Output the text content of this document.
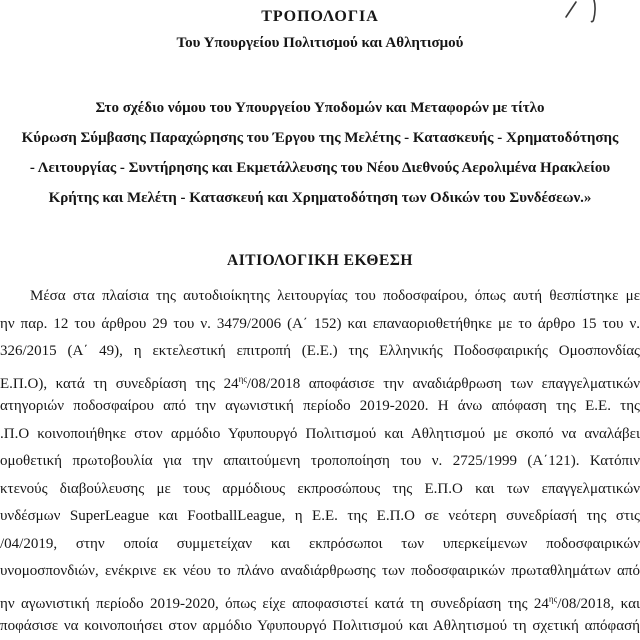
ΤΡΟΠΟΛΟΓΙΑ
Του Υπουργείου Πολιτισμού και Αθλητισμού
Στο σχέδιο νόμου του Υπουργείου Υποδομών και Μεταφορών με τίτλο
Κύρωση Σύμβασης Παραχώρησης του Έργου της Μελέτης - Κατασκευής - Χρηματοδότησης
- Λειτουργίας - Συντήρησης και Εκμετάλλευσης του Νέου Διεθνούς Αερολιμένα Ηρακλείου
Κρήτης και Μελέτη - Κατασκευή και Χρηματοδότηση των Οδικών του Συνδέσεων.»
ΑΙΤΙΟΛΟΓΙΚΗ ΕΚΘΕΣΗ
Μέσα στα πλαίσια της αυτοδιοίκητης λειτουργίας του ποδοσφαίρου, όπως αυτή θεσπίστηκε με
ην παρ. 12 του άρθρου 29 του ν. 3479/2006 (Α΄ 152) και επαναοριοθετήθηκε με το άρθρο 15 του ν.
326/2015 (Α΄ 49), η εκτελεστική επιτροπή (Ε.Ε.) της Ελληνικής Ποδοσφαιρικής Ομοσπονδίας
Ε.Π.Ο), κατά τη συνεδρίαση της $24^{\eta\varsigma}/08/2018$ αποφάσισε την αναδιάρθρωση των επαγγελματικών
ατηγοριών ποδοσφαίρου από την αγωνιστική περίοδο 2019-2020. Η άνω απόφαση της Ε.Ε. της
.Π.Ο κοινοποιήθηκε στον αρμόδιο Υφυπουργό Πολιτισμού και Αθλητισμού με σκοπό να αναλάβει
ομοθετική πρωτοβουλία για την απαιτούμενη τροποποίηση του ν. 2725/1999 (Α΄121). Κατόπιν
κτενούς διαβούλευσης με τους αρμόδιους εκπροσώπους της Ε.Π.Ο και των επαγγελματικών
υνδέσμων SuperLeague και FootballLeague, η Ε.Ε. της Ε.Π.Ο σε νεότερη συνεδρίασή της στις
/04/2019, στην οποία συμμετείχαν και εκπρόσωποι των υπερκείμενων ποδοσφαιρικών
υνομοσπονδιών, ενέκρινε εκ νέου το πλάνο αναδιάρθρωσης των ποδοσφαιρικών πρωταθλημάτων από
ην αγωνιστική περίοδο 2019-2020, όπως είχε αποφασιστεί κατά τη συνεδρίαση της $24^{\eta\varsigma}/08/2018$, και
ποφάσισε να κοινοποιήσει στον αρμόδιο Υφυπουργό Πολιτισμού και Αθλητισμού τη σχετική απόφασή
